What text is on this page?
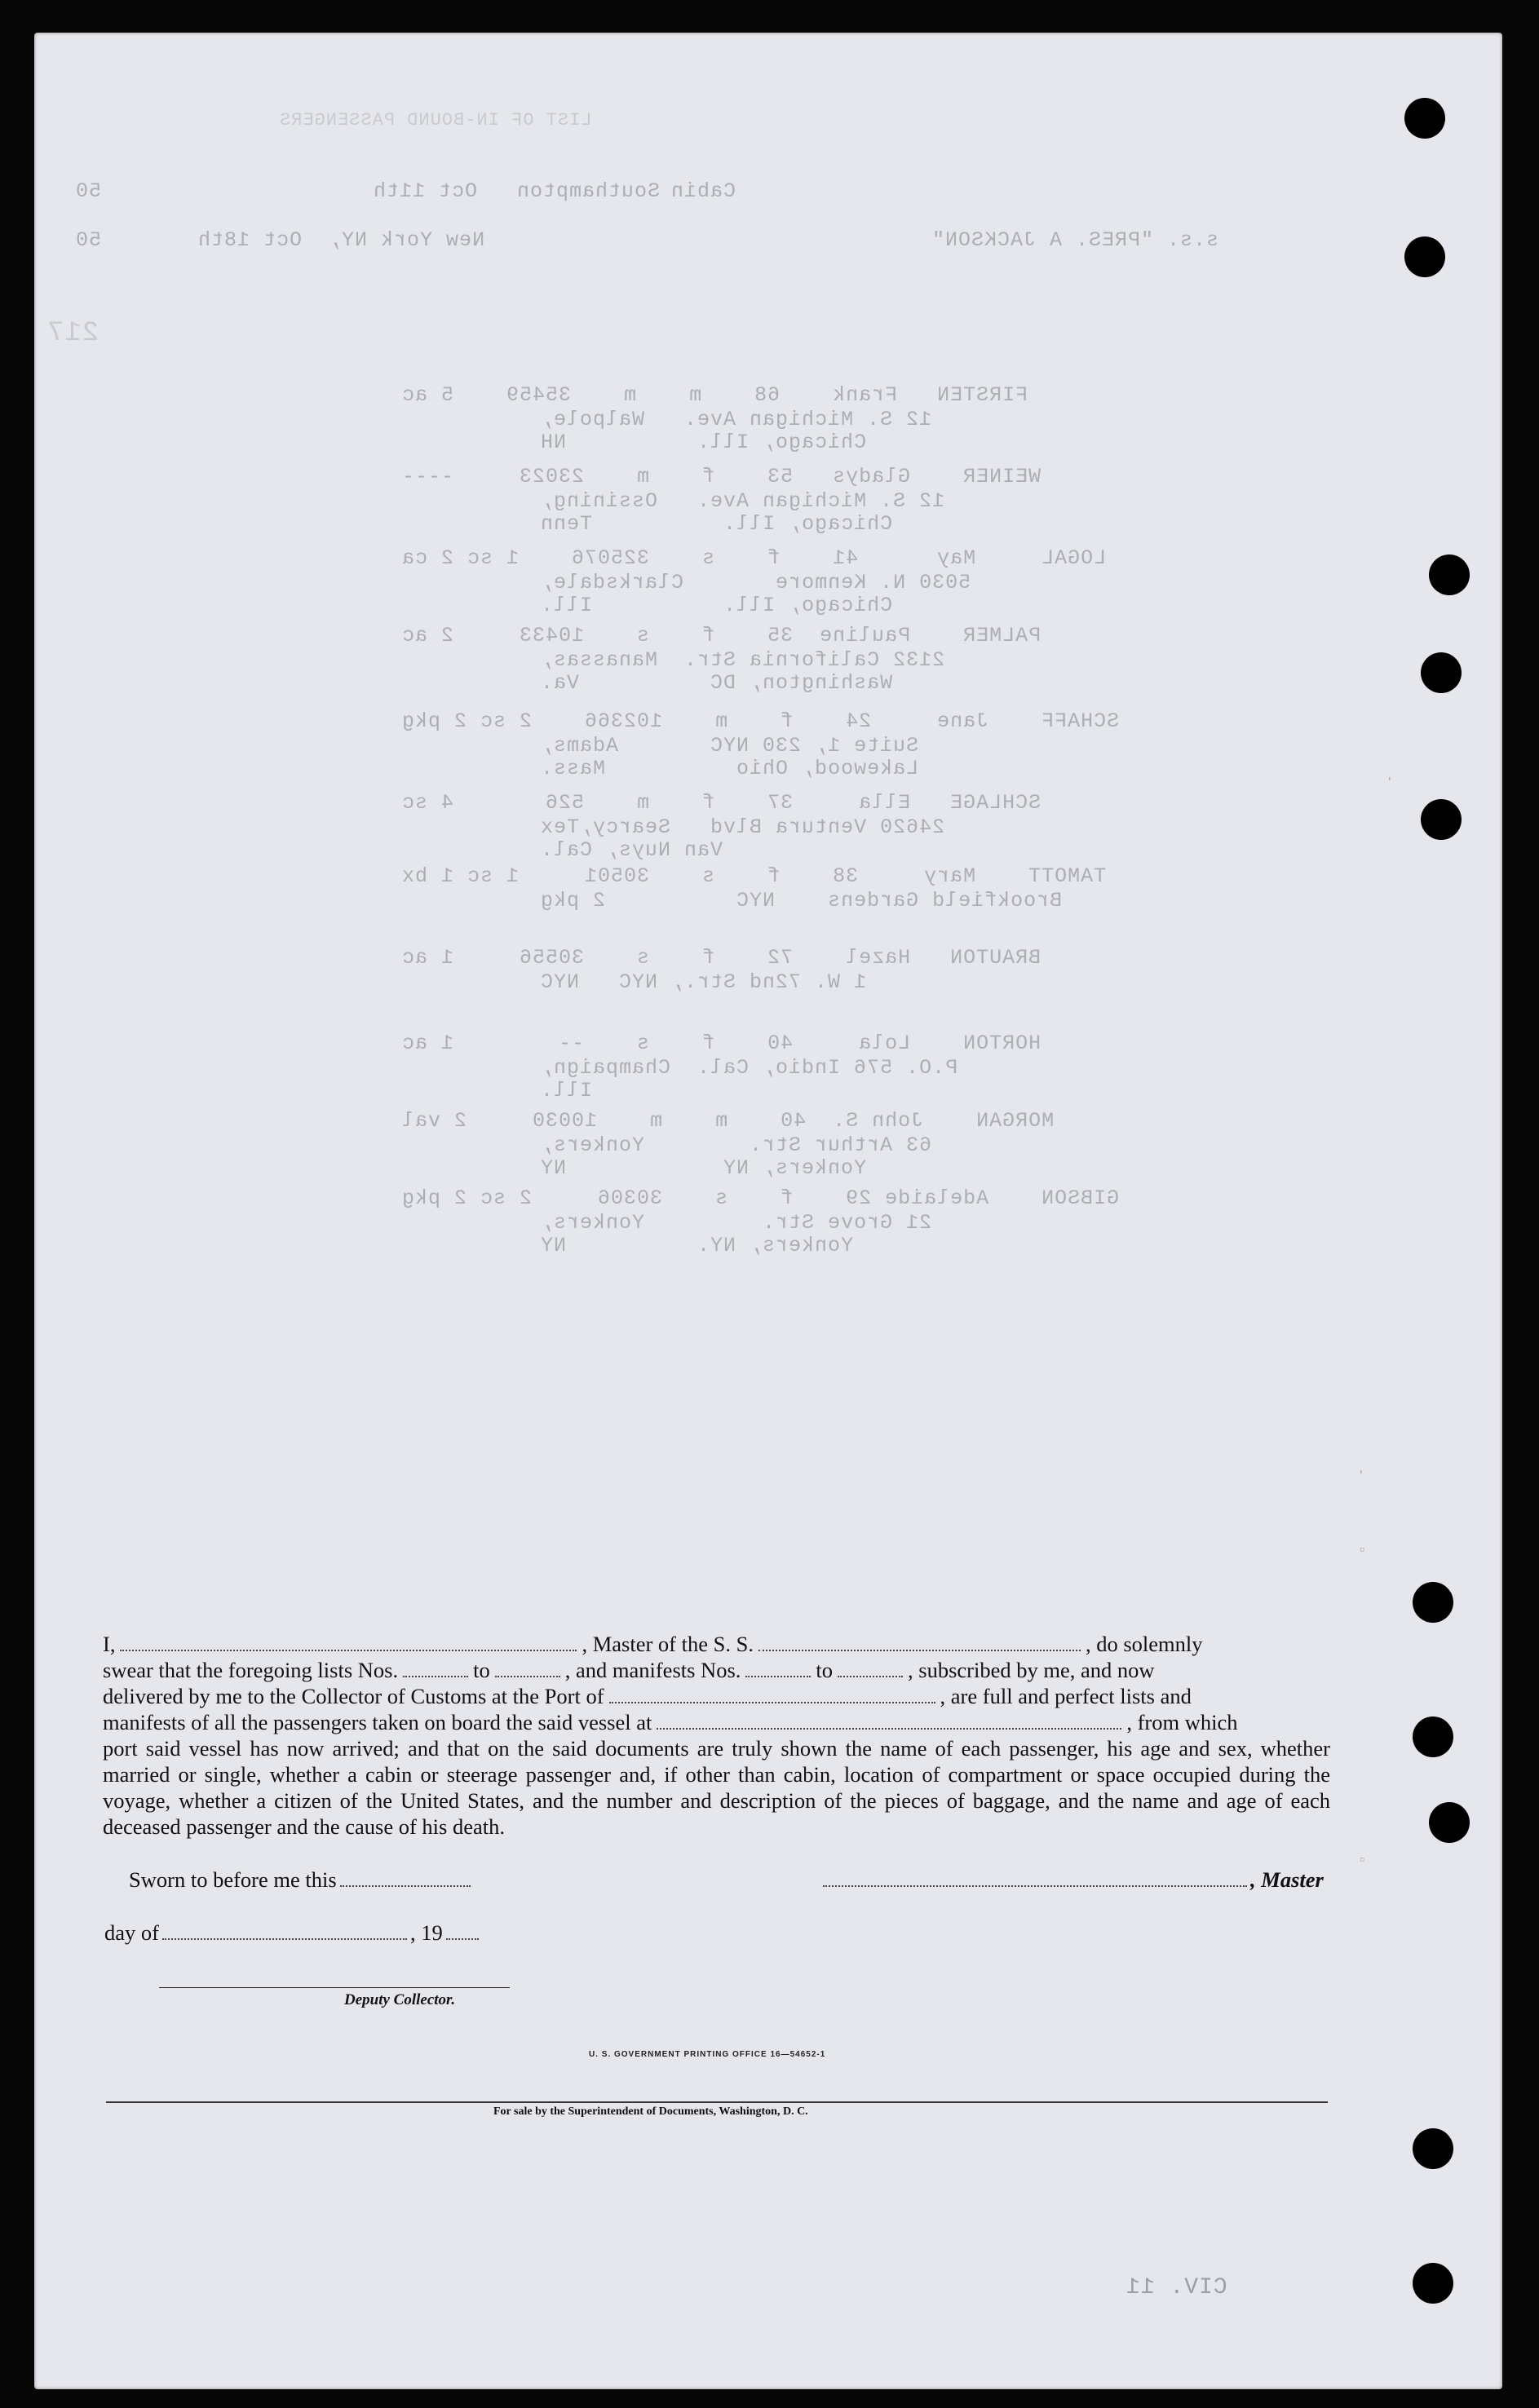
LIST OF IN-BOUND PASSENGERS
Cabin
Southampton   Oct 11th
50
s.s. "PRES. A JACKSON"
New York NY,  Oct 18th
50
217
FIRSTEN   Frank    68    m    m    35459    5 ac
12 S. Michigan Ave.   Walpole,
Chicago, Ill.          NH
WEINER    Gladys   53    f    m    23023     ----
12 S. Michigan Ave.   Ossining,
Chicago, Ill.          Tenn
LOGAL     May      41    f    s    325076    1 sc 2 ca
5030 N. Kenmore       Clarksdale,
Chicago, Ill.          Ill.
PALMER    Pauline  35    f    s    10433     2 ac
2132 California Str.  Manassas,
Washington, DC          Va.
SCHAFF    Jane     24    f    m    102366    2 sc 2 pkg
Suite 1, 230 NYC       Adams,
Lakewood, Ohio          Mass.
SCHLAGE   Ella     37    f    m    526       4 sc
24620 Ventura Blvd   Searcy,Tex
Van Nuys, Cal.
TAMOTT    Mary     38    f    s    30501     1 sc 1 bx
Brookfield Gardens    NYC          2 pkg
BRAUTON   Hazel    72    f    s    30556     1 ac
1 W. 72nd Str., NYC   NYC
HORTON    Lola     40    f    s    --        1 ac
P.O. 576 Indio, Cal.  Champaign,
Ill.
MORGAN    John S.  40    m    m    10030     2 val
63 Arthur Str.        Yonkers,
Yonkers, NY            NY
GIBSON    Adelaide 29    f    s    30306     2 sc 2 pkg
21 Grove Str.         Yonkers,
Yonkers, NY.          NY
'
▫
▫
'
I,	, Master of the S. S.	, do solemnly
swear that the foregoing lists Nos.	to	, and manifests Nos.	to	, subscribed by me, and now
delivered by me to the Collector of Customs at the Port of	, are full and perfect lists and
manifests of all the passengers taken on board the said vessel at	, from which
port said vessel has now arrived; and that on the said documents are truly shown the name of each passenger, his age and sex, whether married or single, whether a cabin or steerage passenger and, if other than cabin, location of compartment or space occupied during the voyage, whether a citizen of the United States, and the number and description of the pieces of baggage, and the name and age of each deceased passenger and the cause of his death.
Sworn to before me this	, Master
day of	, 19
Deputy Collector.
U. S. GOVERNMENT PRINTING OFFICE 16—54652-1
For sale by the Superintendent of Documents, Washington, D. C.
CIV. 11
